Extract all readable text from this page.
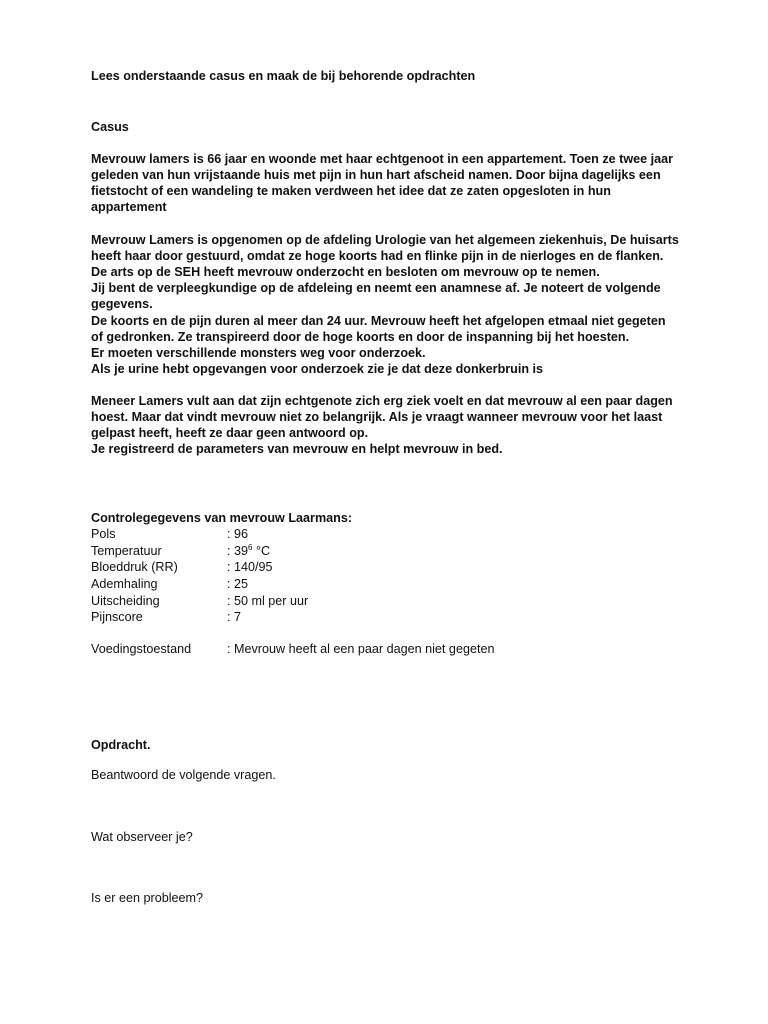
Lees onderstaande casus en maak de bij behorende opdrachten
Casus
Mevrouw lamers is 66 jaar en woonde met haar echtgenoot in een appartement. Toen ze twee jaar
geleden van hun vrijstaande huis met pijn in hun hart afscheid namen. Door bijna dagelijks een
fietstocht of een wandeling te maken verdween het idee dat ze zaten opgesloten in hun
appartement
Mevrouw Lamers is opgenomen op de afdeling Urologie van het algemeen ziekenhuis, De huisarts
heeft haar door gestuurd, omdat ze hoge koorts had en flinke pijn in de nierloges en de flanken.
De arts op de SEH heeft mevrouw onderzocht en besloten om mevrouw op te nemen.
Jij bent de verpleegkundige op de afdeleing en neemt een anamnese af. Je noteert de volgende
gegevens.
De koorts en de pijn duren al meer dan 24 uur. Mevrouw heeft het afgelopen etmaal niet gegeten
of gedronken. Ze transpireerd door de hoge koorts en door de inspanning bij het hoesten.
Er moeten verschillende monsters weg voor onderzoek.
Als je urine hebt opgevangen voor onderzoek zie je dat deze donkerbruin is
Meneer Lamers vult aan dat zijn echtgenote zich erg ziek voelt en dat mevrouw al een paar dagen
hoest. Maar dat vindt mevrouw niet zo belangrijk. Als je vraagt wanneer mevrouw voor het laast
gelpast heeft, heeft ze daar geen antwoord op.
Je registreerd de parameters van mevrouw en helpt mevrouw in bed.
Controlegegevens van mevrouw Laarmans:
Pols	: 96
Temperatuur	: $39^6$ °C
Bloeddruk (RR)	: 140/95
Ademhaling	: 25
Uitscheiding	: 50 ml per uur
Pijnscore	: 7
Voedingstoestand	: Mevrouw heeft al een paar dagen niet gegeten
Opdracht.
Beantwoord de volgende vragen.
Wat observeer je?
Is er een probleem?
